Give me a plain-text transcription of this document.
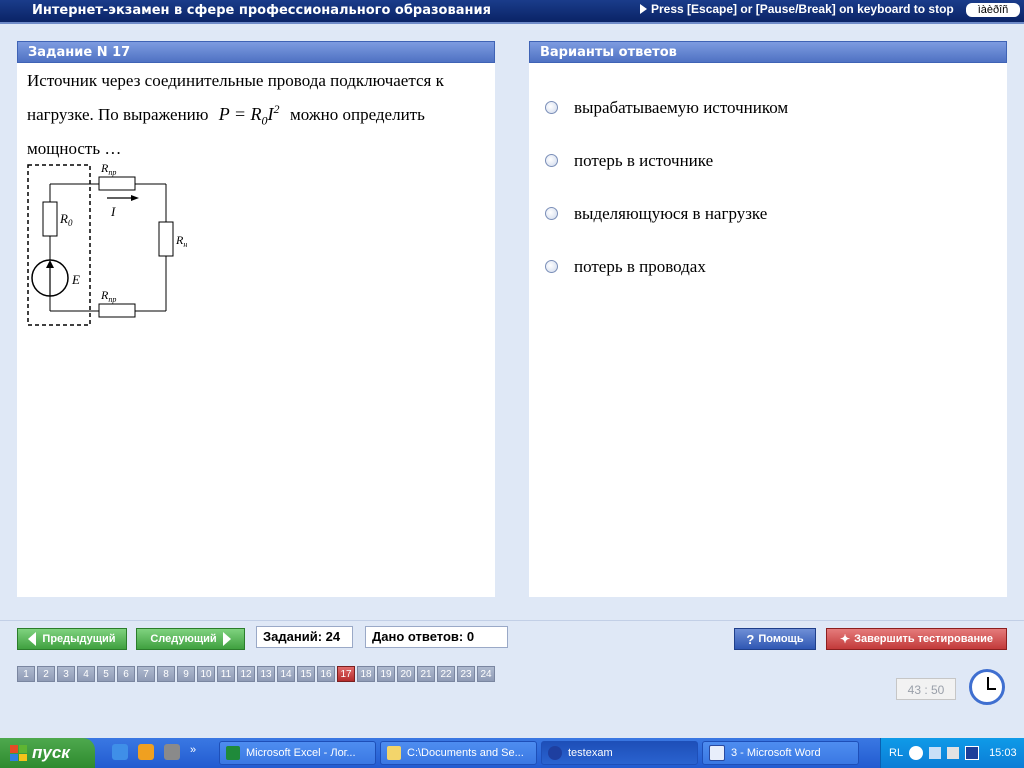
Интернет-экзамен в сфере профессионального образования	Press [Escape] or [Pause/Break] on keyboard to stop	ìàèðîñ
Задание N 17
Источник через соединительные провода подключается к нагрузке. По выражению $P = R_0I^2$ можно определить мощность …
$R_0$
E
$R_{пр}$
I
$R_н$
$R_{пр}$
Варианты ответов
вырабатываемую источником
потерь в источнике
выделяющуюся в нагрузке
потерь в проводах
Предыдущий	Следующий	Заданий: 24	Дано ответов: 0	? Помощь	✦ Завершить тестирование
1	2	3	4	5	6	7	8	9	10 11 12 13 14 15 16 17 18 19 20 21 22 23 24
43 : 50
пуск	»	Microsoft Excel - Лог...	C:\Documents and Se...	testexam	3 - Microsoft Word	RL	15:03
